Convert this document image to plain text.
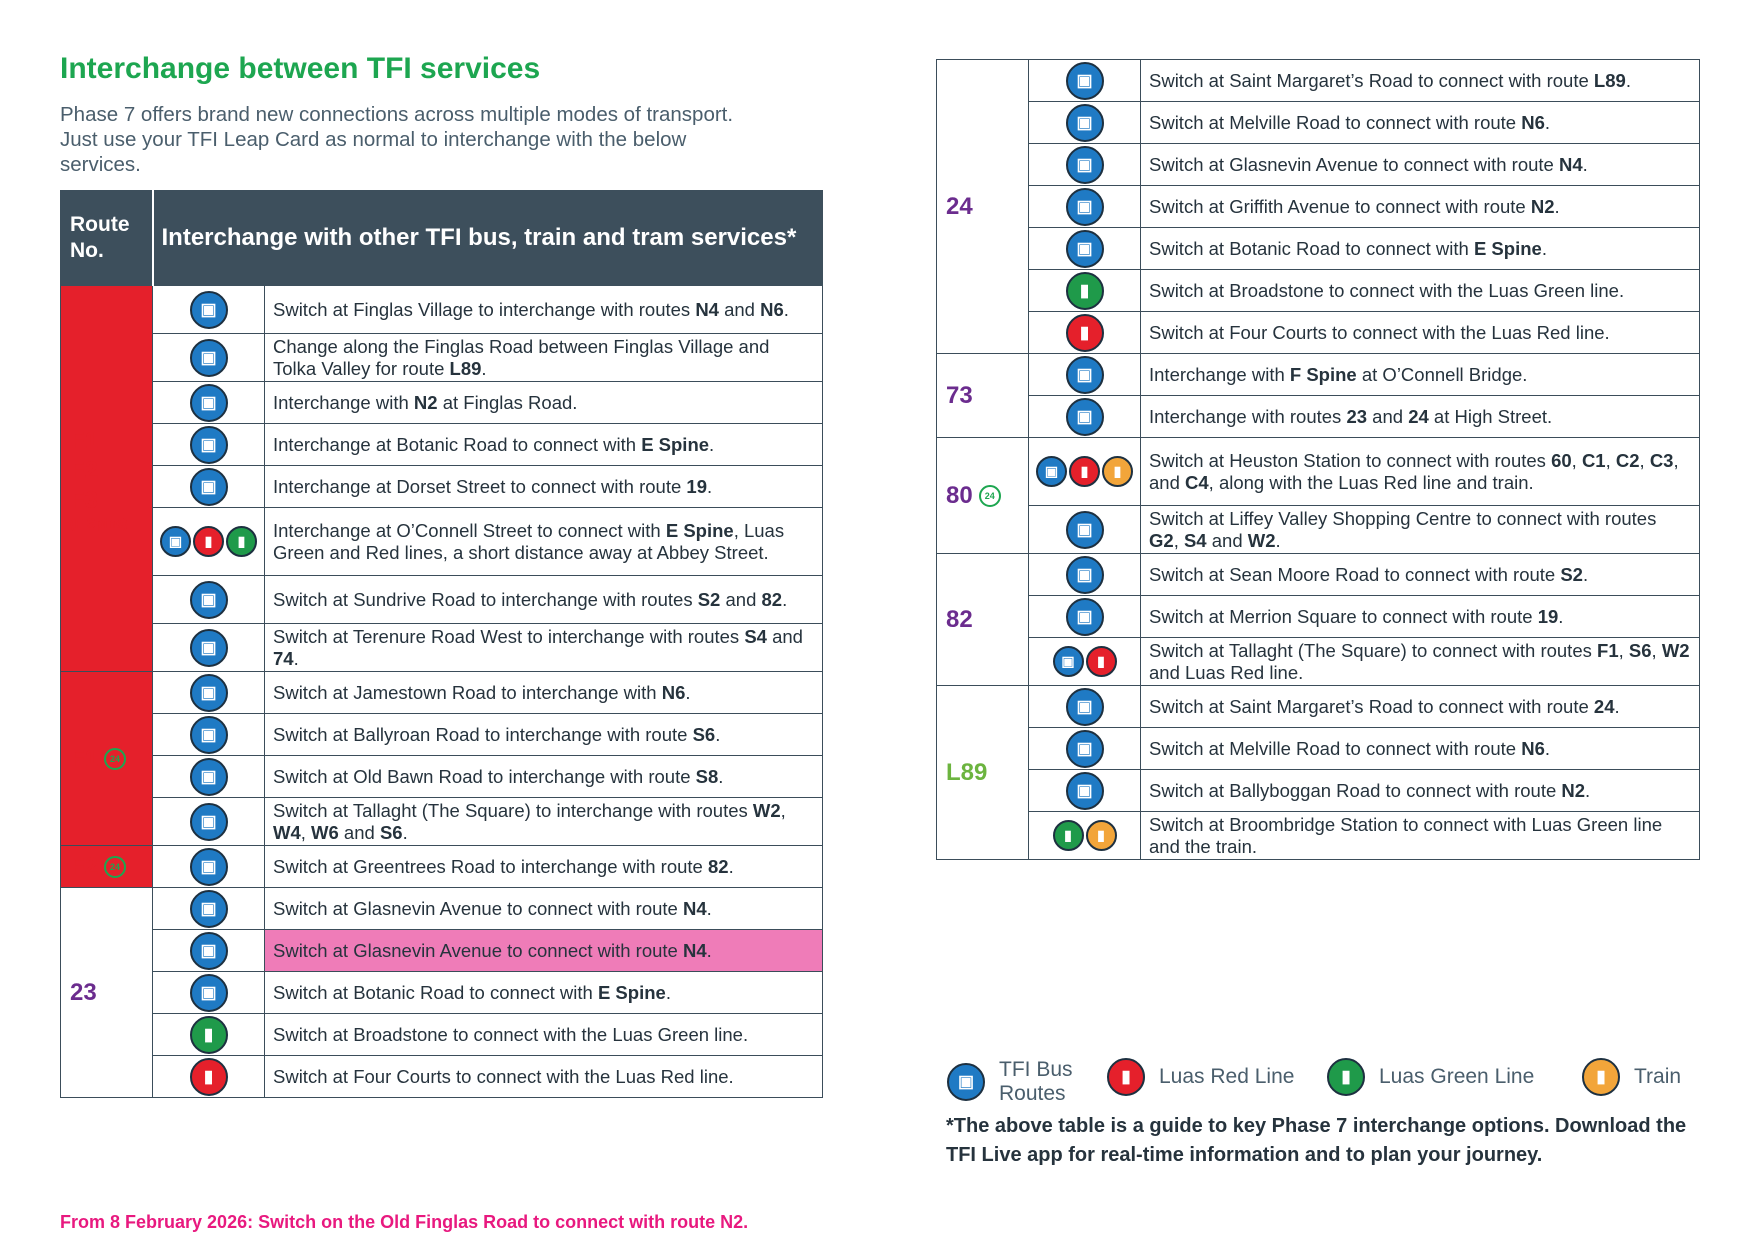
Interchange between TFI services
Phase 7 offers brand new connections across multiple modes of transport. Just use your TFI Leap Card as normal to interchange with the below services.
Route No.	Interchange with other TFI bus, train and tram services*	
F1
F2
F3
(F Spine)	▣	Switch at Finglas Village to interchange with routes N4 and N6.
	▣	Change along the Finglas Road between Finglas Village and Tolka Valley for route L89.
	▣	Interchange with N2 at Finglas Road.
	▣	Interchange at Botanic Road to connect with E Spine.
	▣	Interchange at Dorset Street to connect with route 19.
	▣ ▮ ▮	Interchange at O’Connell Street to connect with E Spine, Luas Green and Red lines, a short distance away at Abbey Street.
	▣	Switch at Sundrive Road to interchange with routes S2 and 82.
	▣	Switch at Terenure Road West to interchange with routes S4 and 74.
F1 24	▣	Switch at Jamestown Road to interchange with N6.
	▣	Switch at Ballyroan Road to interchange with route S6.
	▣	Switch at Old Bawn Road to interchange with route S8.
	▣	Switch at Tallaght (The Square) to interchange with routes W2, W4, W6 and S6.
F2 24	▣	Switch at Greentrees Road to interchange with route 82.
23	▣	Switch at Glasnevin Avenue to connect with route N4.
	▣	Switch at Glasnevin Avenue to connect with route N4.
	▣	Switch at Botanic Road to connect with E Spine.
	▮	Switch at Broadstone to connect with the Luas Green line.
	▮	Switch at Four Courts to connect with the Luas Red line.
24	▣	Switch at Saint Margaret’s Road to connect with route L89.
	▣	Switch at Melville Road to connect with route N6.
	▣	Switch at Glasnevin Avenue to connect with route N4.
	▣	Switch at Griffith Avenue to connect with route N2.
	▣	Switch at Botanic Road to connect with E Spine.
	▮	Switch at Broadstone to connect with the Luas Green line.
	▮	Switch at Four Courts to connect with the Luas Red line.
73	▣	Interchange with F Spine at O’Connell Bridge.
	▣	Interchange with routes 23 and 24 at High Street.
80 24	▣ ▮ ▮	Switch at Heuston Station to connect with routes 60, C1, C2, C3, and C4, along with the Luas Red line and train.
	▣	Switch at Liffey Valley Shopping Centre to connect with routes G2, S4 and W2.
82	▣	Switch at Sean Moore Road to connect with route S2.
	▣	Switch at Merrion Square to connect with route 19.
	▣ ▮	Switch at Tallaght (The Square) to connect with routes F1, S6, W2 and Luas Red line.
L89	▣	Switch at Saint Margaret’s Road to connect with route 24.
	▣	Switch at Melville Road to connect with route N6.
	▣	Switch at Ballyboggan Road to connect with route N2.
	▮ ▮	Switch at Broombridge Station to connect with Luas Green line and the train.
From 8 February 2026: Switch on the Old Finglas Road to connect with route N2.
▣
TFI Bus Routes
▮	Luas Red Line	▮	Luas Green Line	▮	Train
*The above table is a guide to key Phase 7 interchange options. Download the TFI Live app for real-time information and to plan your journey.
